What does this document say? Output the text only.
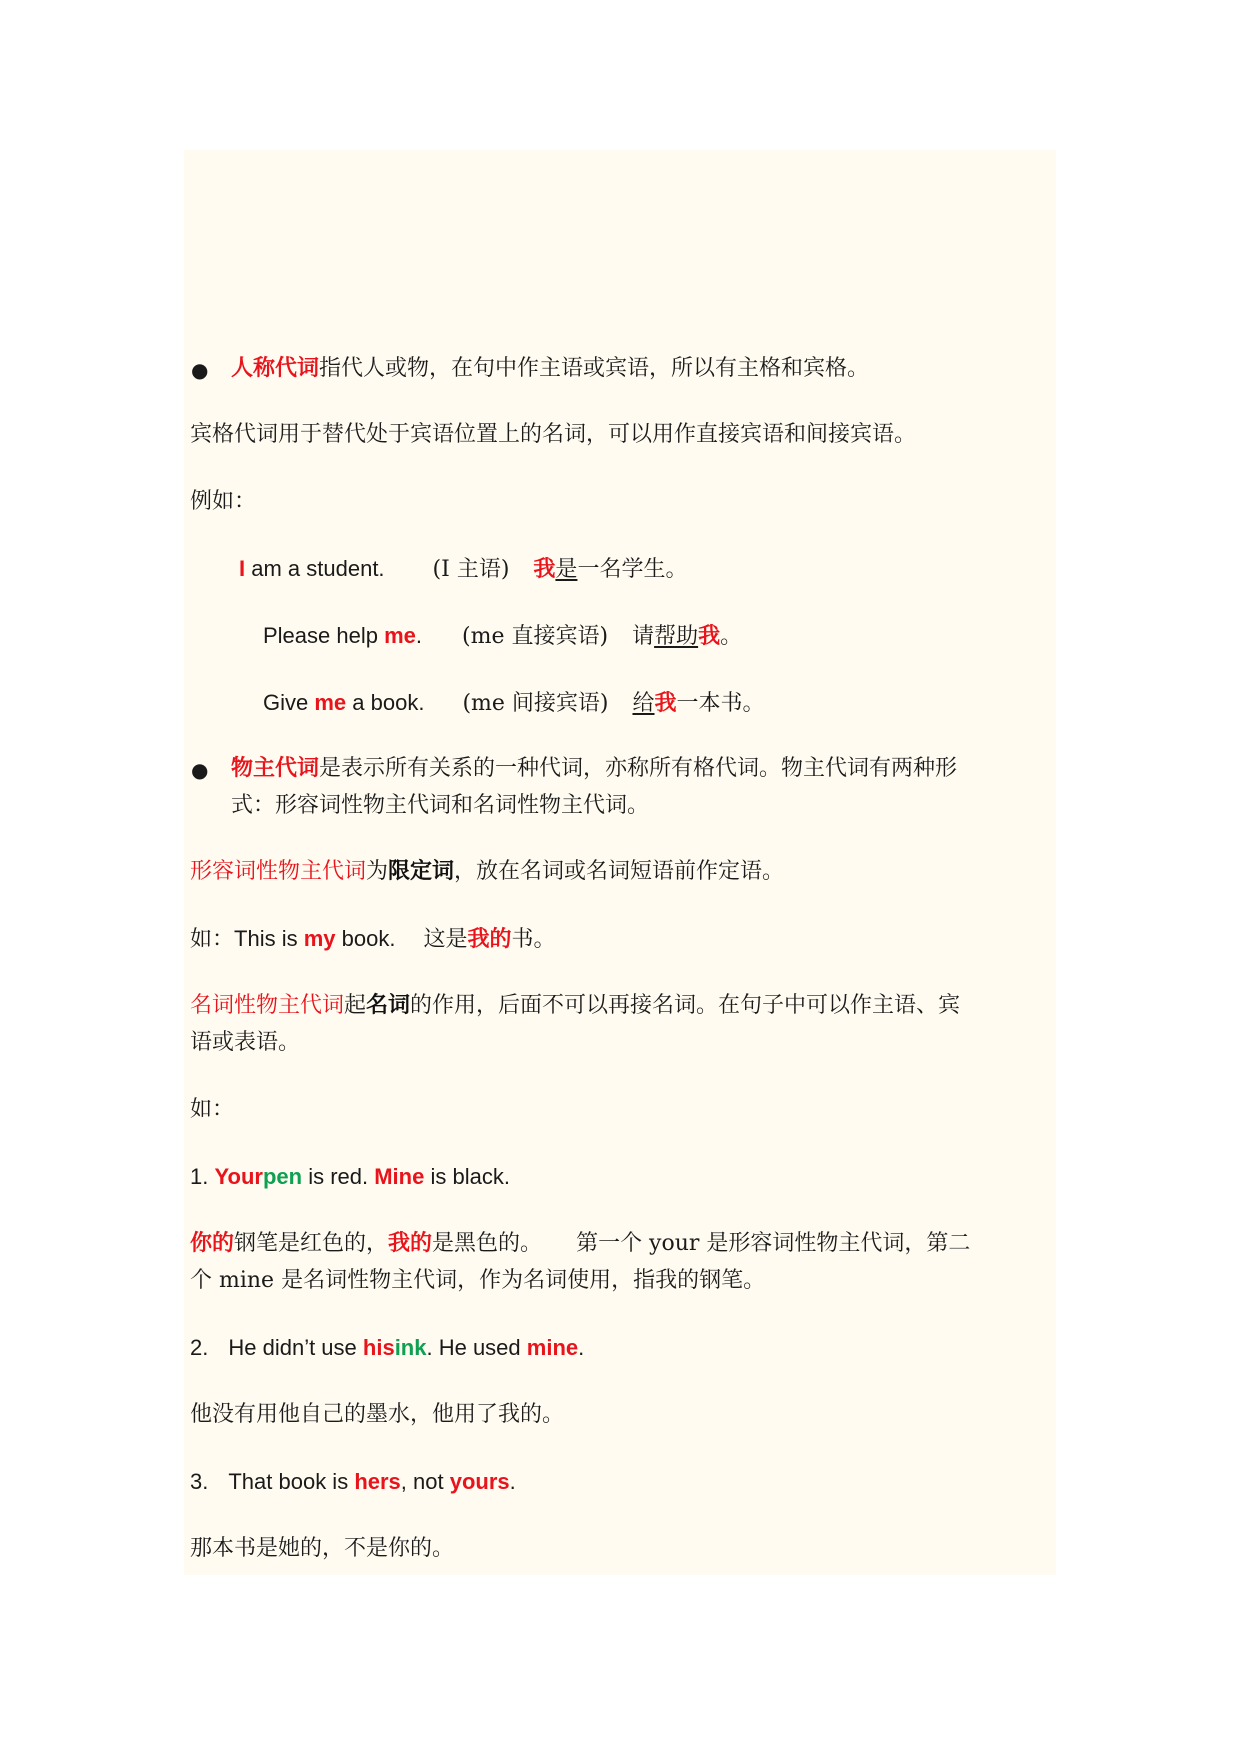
● 人称代词指代人或物，在句中作主语或宾语，所以有主格和宾格。
宾格代词用于替代处于宾语位置上的名词，可以用作直接宾语和间接宾语。
例如：
I am a student. (I 主语) 我是一名学生。
Please help me. (me 直接宾语) 请帮助我。
Give me a book. (me 间接宾语) 给我一本书。
● 物主代词是表示所有关系的一种代词，亦称所有格代词。物主代词有两种形
式：形容词性物主代词和名词性物主代词。
形容词性物主代词为限定词，放在名词或名词短语前作定语。
如：This is my book. 这是我的书。
名词性物主代词起名词的作用，后面不可以再接名词。在句子中可以作主语、宾
语或表语。
如：
1. Yourpen is red. Mine is black.
你的钢笔是红色的，我的是黑色的。 第一个 your 是形容词性物主代词，第二
个 mine 是名词性物主代词，作为名词使用，指我的钢笔。
2. He didn’t use hisink. He used mine.
他没有用他自己的墨水，他用了我的。
3. That book is hers, not yours.
那本书是她的，不是你的。
